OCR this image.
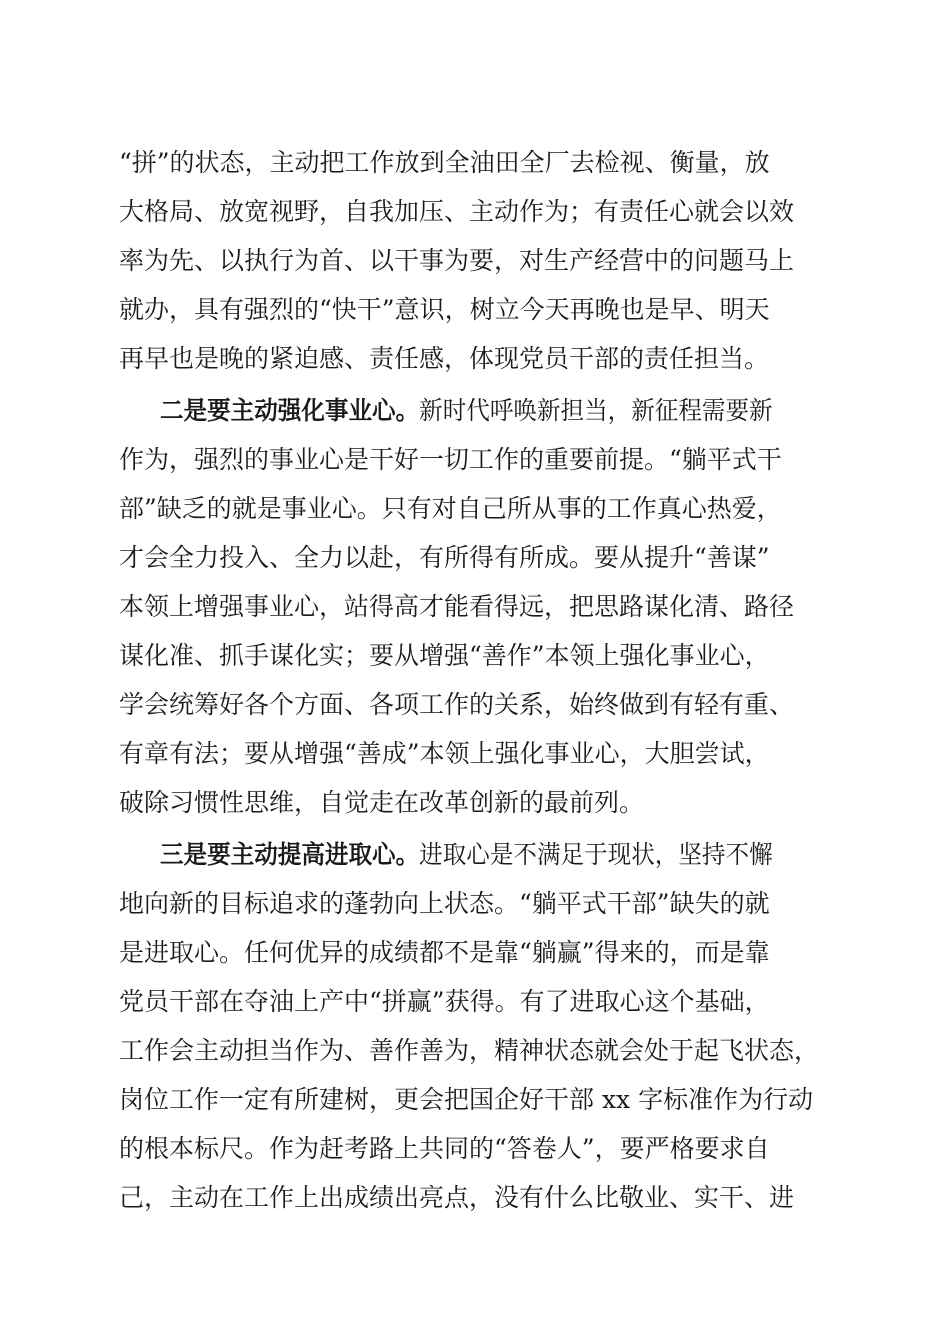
“拼”的状态，主动把工作放到全油田全厂去检视、衡量，放
大格局、放宽视野，自我加压、主动作为；有责任心就会以效
率为先、以执行为首、以干事为要，对生产经营中的问题马上
就办，具有强烈的“快干”意识，树立今天再晚也是早、明天
再早也是晚的紧迫感、责任感，体现党员干部的责任担当。
二是要主动强化事业心。新时代呼唤新担当，新征程需要新
作为，强烈的事业心是干好一切工作的重要前提。“躺平式干
部”缺乏的就是事业心。只有对自己所从事的工作真心热爱，
才会全力投入、全力以赴，有所得有所成。要从提升“善谋”
本领上增强事业心，站得高才能看得远，把思路谋化清、路径
谋化准、抓手谋化实；要从增强“善作”本领上强化事业心，
学会统筹好各个方面、各项工作的关系，始终做到有轻有重、
有章有法；要从增强“善成”本领上强化事业心，大胆尝试，
破除习惯性思维，自觉走在改革创新的最前列。
三是要主动提高进取心。进取心是不满足于现状，坚持不懈
地向新的目标追求的蓬勃向上状态。“躺平式干部”缺失的就
是进取心。任何优异的成绩都不是靠“躺赢”得来的，而是靠
党员干部在夺油上产中“拼赢”获得。有了进取心这个基础，
工作会主动担当作为、善作善为，精神状态就会处于起飞状态，
岗位工作一定有所建树，更会把国企好干部 xx 字标准作为行动
的根本标尺。作为赶考路上共同的“答卷人”，要严格要求自
己，主动在工作上出成绩出亮点，没有什么比敬业、实干、进
